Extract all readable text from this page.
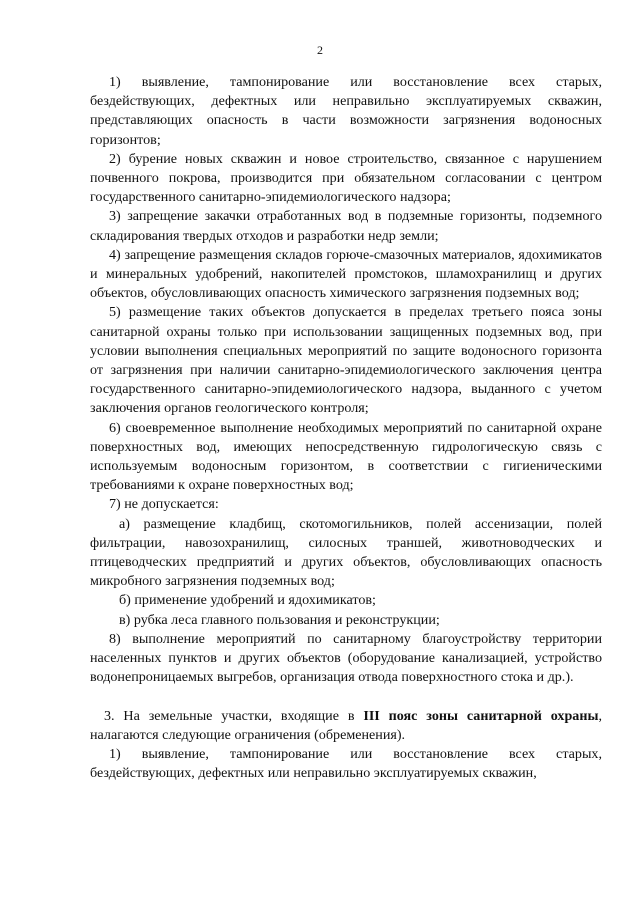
2

1) выявление, тампонирование или восстановление всех старых, бездействующих, дефектных или неправильно эксплуатируемых скважин, представляющих опасность в части возможности загрязнения водоносных горизонтов;

2) бурение новых скважин и новое строительство, связанное с нарушением почвенного покрова, производится при обязательном согласовании с центром государственного санитарно-эпидемиологического надзора;

3) запрещение закачки отработанных вод в подземные горизонты, подземного складирования твердых отходов и разработки недр земли;

4) запрещение размещения складов горюче-смазочных материалов, ядохимикатов и минеральных удобрений, накопителей промстоков, шламохранилищ и других объектов, обусловливающих опасность химического загрязнения подземных вод;

5) размещение таких объектов допускается в пределах третьего пояса зоны санитарной охраны только при использовании защищенных подземных вод, при условии выполнения специальных мероприятий по защите водоносного горизонта от загрязнения при наличии санитарно-эпидемиологического заключения центра государственного санитарно-эпидемиологического надзора, выданного с учетом заключения органов геологического контроля;

6) своевременное выполнение необходимых мероприятий по санитарной охране поверхностных вод, имеющих непосредственную гидрологическую связь с используемым водоносным горизонтом, в соответствии с гигиеническими требованиями к охране поверхностных вод;

7) не допускается:

а) размещение кладбищ, скотомогильников, полей ассенизации, полей фильтрации, навозохранилищ, силосных траншей, животноводческих и птицеводческих предприятий и других объектов, обусловливающих опасность микробного загрязнения подземных вод;

б) применение удобрений и ядохимикатов;

в) рубка леса главного пользования и реконструкции;

8) выполнение мероприятий по санитарному благоустройству территории населенных пунктов и других объектов (оборудование канализацией, устройство водонепроницаемых выгребов, организация отвода поверхностного стока и др.).

3. На земельные участки, входящие в III пояс зоны санитарной охраны, налагаются следующие ограничения (обременения).

1) выявление, тампонирование или восстановление всех старых, бездействующих, дефектных или неправильно эксплуатируемых скважин,
